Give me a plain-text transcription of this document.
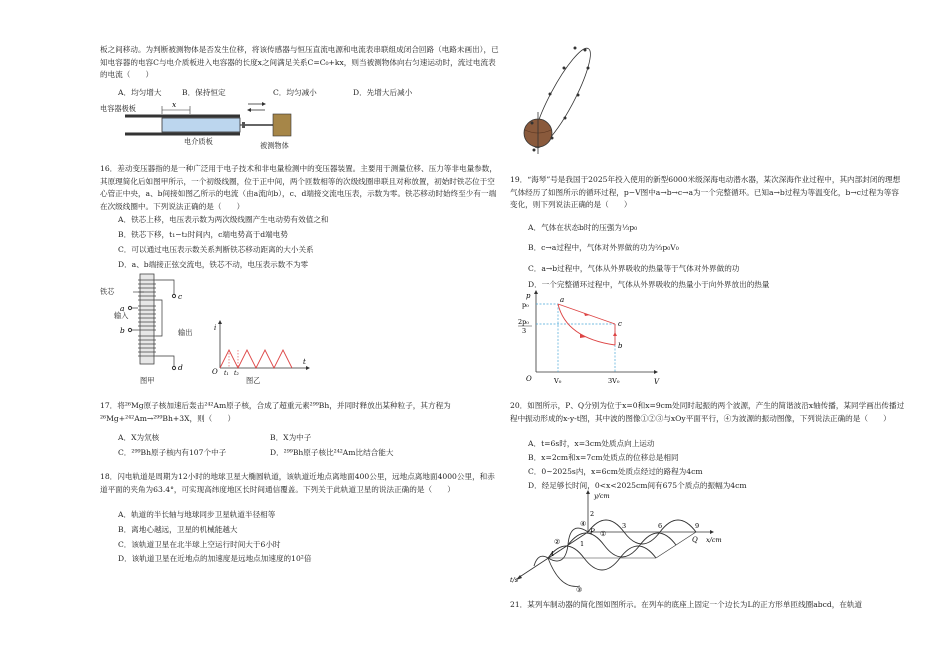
板之间移动。为判断被测物体是否发生位移，将该传感器与恒压直流电源和电流表串联组成闭合回路（电路未画出），已知电容器的电容C与电介质板进入电容器的长度x之间满足关系C=C₀+kx，则当被测物体向右匀速运动时，流过电流表的电流（　　）

A．均匀增大	B．保持恒定	C．均匀减小	D．先增大后减小
x
电容器极板
电介质板	被测物体

16．差动变压器指的是一种广泛用于电子技术和非电量检测中的变压器装置。主要用于测量位移、压力等非电量参数，其原理简化后如图甲所示，一个初级线圈，位于正中间，两个匝数相等的次级线圈串联且对称放置，初始时铁芯位于空心管正中央，a、b间接如图乙所示的电流（由a流向b），c、d端接交流电压表，示数为零。铁芯移动时始终至少有一端在次级线圈中。下列说法正确的是（　　）

A．铁芯上移，电压表示数为两次级线圈产生电动势有效值之和
B．铁芯下移，t₁−t₂时间内，c端电势高于d端电势
C．可以通过电压表示数关系判断铁芯移动距离的大小关系
D．a、b端接正弦交流电，铁芯不动，电压表示数不为零
c
d
a
b
铁芯
输入
输出
图甲
i
t
O t₁ t₂
图乙

17．将²⁶Mg原子核加速后轰击²⁴²Am原子核，合成了超重元素²⁹⁹Bh，并同时释放出某种粒子，其方程为²⁶Mg+²⁴²Am→²⁹⁹Bh+3X，则（　　）

A．X为氘核	B．X为中子
C．²⁹⁹Bh原子核内有107个中子	D．²⁹⁹Bh原子核比²⁴²Am比结合能大

18．闪电轨道是周期为12小时的地球卫星大椭圆轨道，该轨道近地点离地面400公里，远地点离地面4000公里，和赤道平面的夹角为63.4°，可实现高纬度地区长时间通信覆盖。下列关于此轨道卫星的说法正确的是（　　）

A．轨道的半长轴与地球同步卫星轨道半径相等
B．离地心越远，卫星的机械能越大
C．该轨道卫星在北半球上空运行时间大于6小时
D．该轨道卫星在近地点的加速度是远地点加速度的10²倍

19．“海琴”号是我国于2025年投入使用的新型6000米级深海电动潜水器，某次深海作业过程中，其内部封闭的理想气体经历了如图所示的循环过程，p−V图中a→b→c→a为一个完整循环。已知a→b过程为等温变化，b→c过程为等容变化，则下列说法正确的是（　　）

A．气体在状态b时的压强为⅓p₀
B．c→a过程中，气体对外界做的功为⅔p₀V₀
C．a→b过程中，气体从外界吸收的热量等于气体对外界做的功
D．一个完整循环过程中，气体从外界吸收的热量小于向外界放出的热量
p
V
O
p₀
2p₀
3
V₀	3V₀
a
c
b

20．如图所示，P、Q分别为位于x=0和x=9cm处同时起振的两个波源，产生的简谐波沿x轴传播，某同学画出传播过程中振动形成的x-y-t图，其中波的图像①②③与xOy平面平行，④为波源的振动图像，下列说法正确的是（　　）

A．t=6s时，x=3cm处质点向上运动
B．x=2cm和x=7cm处质点的位移总是相同
C．0~2025s内，x=6cm处质点经过的路程为4cm
D．经足够长时间，0<x<2025cm间有675个质点的振幅为4cm
y/cm
x/cm
t/s
P
Q
2
3	6	9
1
4
④
①
②
③

21．某列车制动器的简化图如图所示。在列车的底座上固定一个边长为L的正方形单匝线圈abcd，在轨道
